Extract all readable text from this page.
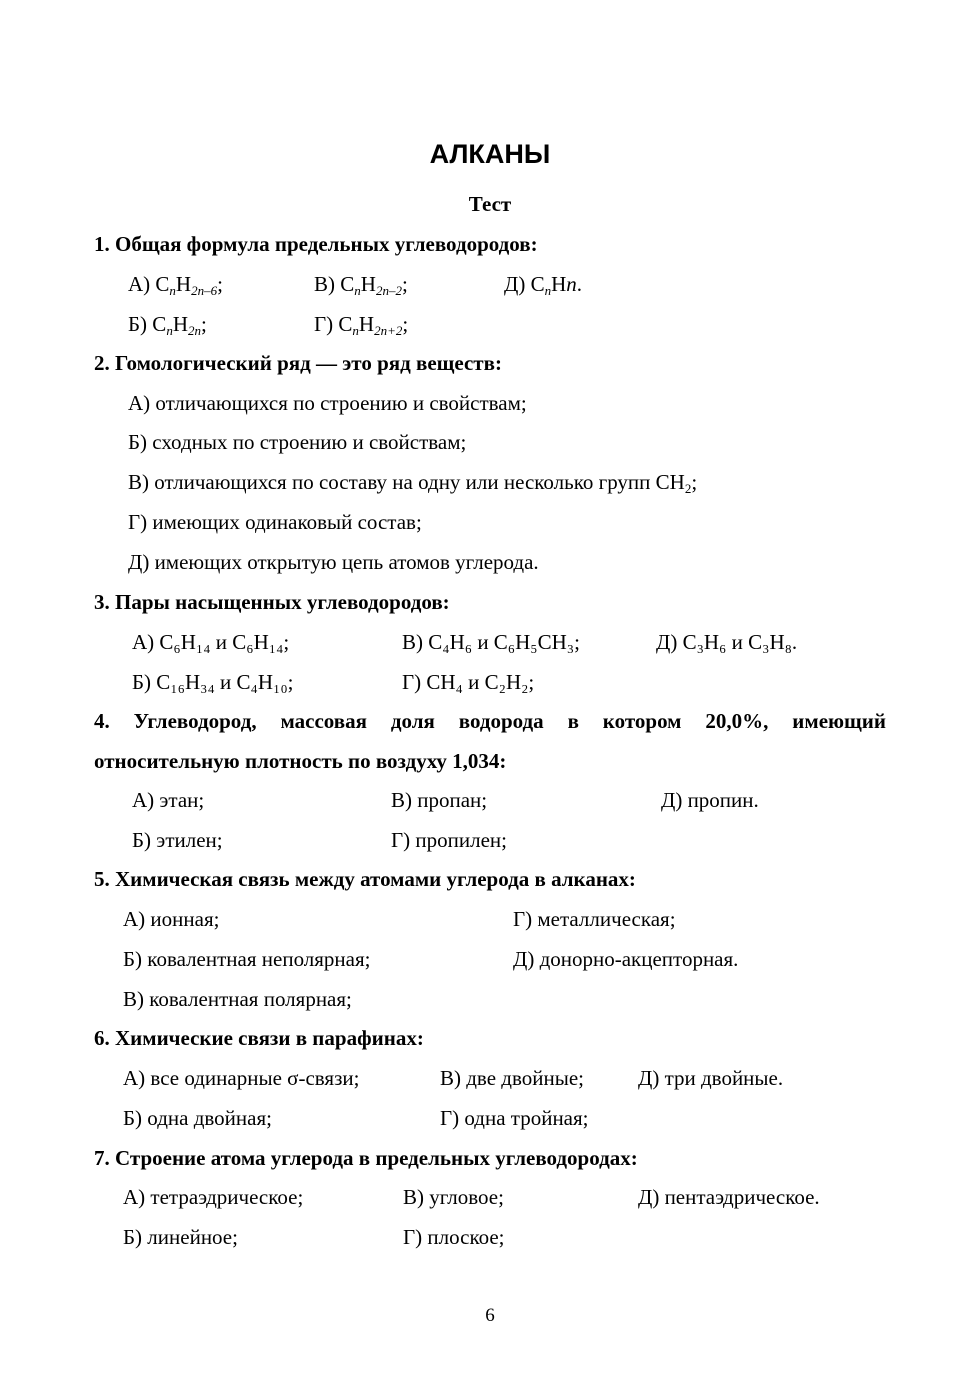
АЛКАНЫ
Тест
1. Общая формула предельных углеводородов:
А) $C_nH_{2n-6}$;	В) $C_nH_{2n-2}$;	Д) $C_nHn$.
Б) $C_nH_{2n}$;	Г) $C_nH_{2n+2}$;
2. Гомологический ряд — это ряд веществ:
А) отличающихся по строению и свойствам;
Б) сходных по строению и свойствам;
В) отличающихся по составу на одну или несколько групп $CH_2$;
Г) имеющих одинаковый состав;
Д) имеющих открытую цепь атомов углерода.
3. Пары насыщенных углеводородов:
А) C₆H₁₄ и C₆H₁₄;	В) C₄H₆ и C₆H₅CH₃;	Д) C₃H₆ и C₃H₈.
Б) C₁₆H₃₄ и C₄H₁₀;	Г) CH₄ и C₂H₂;
4. Углеводород, массовая доля водорода в котором 20,0%, имеющий относительную плотность по воздуху 1,034:
А) этан;	В) пропан;	Д) пропин.
Б) этилен;	Г) пропилен;
5. Химическая связь между атомами углерода в алканах:
А) ионная;	Г) металлическая;
Б) ковалентная неполярная;	Д) донорно-акцепторная.
В) ковалентная полярная;
6. Химические связи в парафинах:
А) все одинарные σ-связи;	В) две двойные;	Д) три двойные.
Б) одна двойная;	Г) одна тройная;
7. Строение атома углерода в предельных углеводородах:
А) тетраэдрическое;	В) угловое;	Д) пентаэдрическое.
Б) линейное;	Г) плоское;
6
